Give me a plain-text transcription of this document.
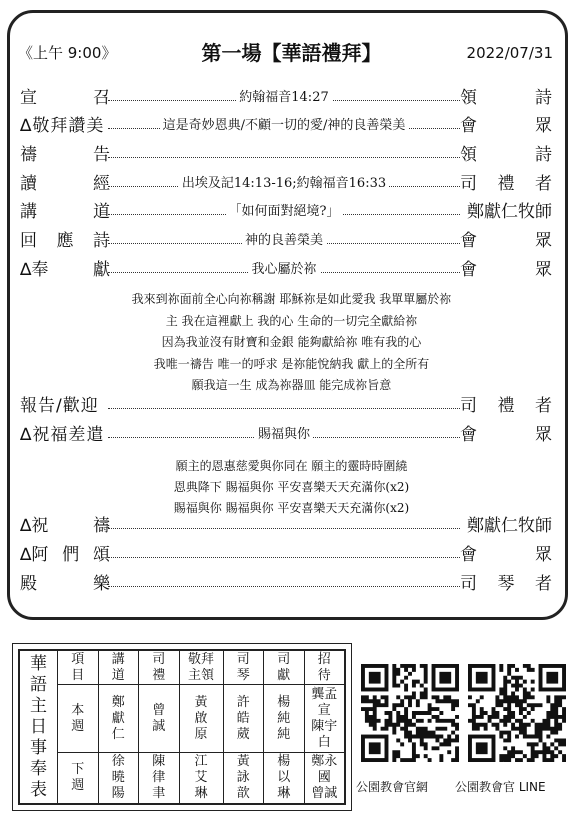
《上午 9:00》	第一場【華語禮拜】	2022/07/31
宣	召	約翰福音14:27	領	詩
∆敬拜讚美	這是奇妙恩典/不顧一切的愛/神的良善榮美	會	眾
禱	告	領	詩
讀	經	出埃及記14:13-16;約翰福音16:33	司 禮 者
講	道	「如何面對絕境?」	鄭獻仁牧師
回 應 詩	神的良善榮美	會	眾
∆奉	獻	我心屬於祢	會	眾
報告/歡迎	司 禮 者
∆祝福差遣	賜福與你	會	眾
∆祝	禱	鄭獻仁牧師
∆阿 們 頌	會	眾
殿	樂	司 琴 者
我來到祢面前全心向祢稱謝 耶穌祢是如此愛我 我單單屬於祢
主 我在這裡獻上 我的心 生命的一切完全獻給祢
因為我並沒有財寶和金銀 能夠獻給祢 唯有我的心
我唯一禱告 唯一的呼求 是祢能悅納我 獻上的全所有
願我這一生 成為祢器皿 能完成祢旨意
願主的恩惠慈愛與你同在 願主的靈時時圍繞
恩典降下 賜福與你 平安喜樂天天充滿你(x2)
賜福與你 賜福與你 平安喜樂天天充滿你(x2)
華語主日事奉表	項目	講道	司禮	敬拜主領	司琴	司獻	招待
	本週	鄭獻仁	曾誠	黃啟原	許皓葳	楊純純	龔孟宣 陳宇白
	下週	徐曉陽	陳律聿	江艾琳	黃詠歆	楊以琳	鄭永國 曾誠 公園教會官網 公園教會官 LINE
